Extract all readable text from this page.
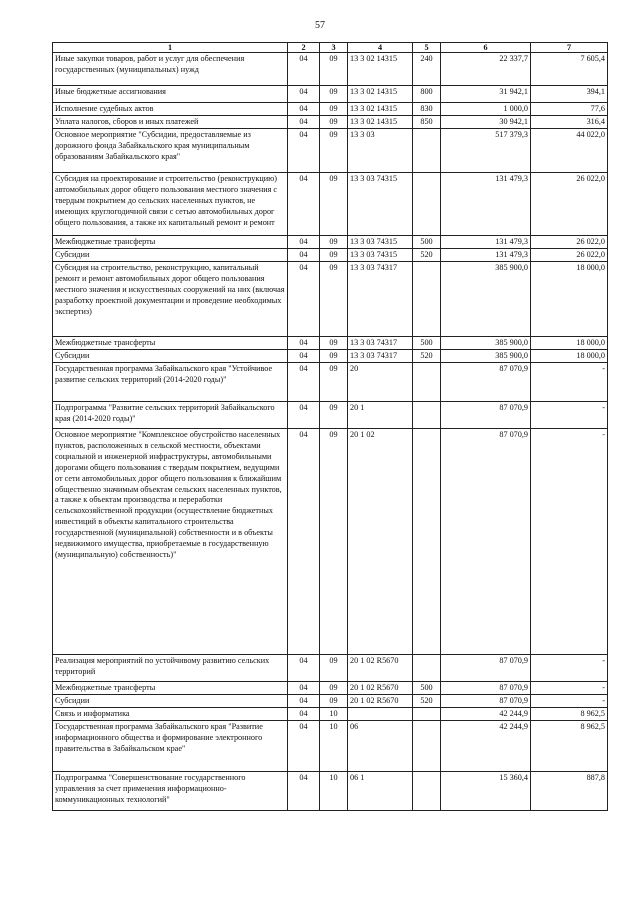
57
1	2	3	4	5	6	7
Иные закупки товаров, работ и услуг для обеспечения государственных (муниципальных) нужд	04	09	13 3 02 14315	240	22 337,7	7 605,4
Иные бюджетные ассигнования	04	09	13 3 02 14315	800	31 942,1	394,1
Исполнение судебных актов	04	09	13 3 02 14315	830	1 000,0	77,6
Уплата налогов, сборов и иных платежей	04	09	13 3 02 14315	850	30 942,1	316,4
Основное мероприятие "Субсидии, предоставляемые из дорожного фонда Забайкальского края муниципальным образованиям Забайкальского края"	04	09	13 3 03		517 379,3	44 022,0
Субсидия на проектирование и строительство (реконструкцию) автомобильных дорог общего пользования местного значения с твердым покрытием до сельских населенных пунктов, не имеющих круглогодичной связи с сетью автомобильных дорог общего пользования, а также их капитальный ремонт и ремонт	04	09	13 3 03 74315		131 479,3	26 022,0
Межбюджетные трансферты	04	09	13 3 03 74315	500	131 479,3	26 022,0
Субсидии	04	09	13 3 03 74315	520	131 479,3	26 022,0
Субсидия на строительство, реконструкцию, капитальный ремонт и ремонт автомобильных дорог общего пользования местного значения и искусственных сооружений на них (включая разработку проектной документации и проведение необходимых экспертиз)	04	09	13 3 03 74317		385 900,0	18 000,0
Межбюджетные трансферты	04	09	13 3 03 74317	500	385 900,0	18 000,0
Субсидии	04	09	13 3 03 74317	520	385 900,0	18 000,0
Государственная программа Забайкальского края "Устойчивое развитие сельских территорий (2014-2020 годы)"	04	09	20		87 070,9	-
Подпрограмма "Развитие сельских территорий Забайкальского края (2014-2020 годы)"	04	09	20 1		87 070,9	-
Основное мероприятие "Комплексное обустройство населенных пунктов, расположенных в сельской местности, объектами социальной и инженерной инфраструктуры, автомобильными дорогами общего пользования с твердым покрытием, ведущими от сети автомобильных дорог общего пользования к ближайшим общественно значимым объектам сельских населенных пунктов, а также к объектам производства и переработки сельскохозяйственной продукции (осуществление бюджетных инвестиций в объекты капитального строительства государственной (муниципальной) собственности и в объекты недвижимого имущества, приобретаемые в государственную (муниципальную) собственность)"	04	09	20 1 02		87 070,9	-
Реализация мероприятий по устойчивому развитию сельских территорий	04	09	20 1 02 R5670		87 070,9	-
Межбюджетные трансферты	04	09	20 1 02 R5670	500	87 070,9	-
Субсидии	04	09	20 1 02 R5670	520	87 070,9	-
Связь и информатика	04	10			42 244,9	8 962,5
Государственная программа Забайкальского края "Развитие информационного общества и формирование электронного правительства в Забайкальском крае"	04	10	06		42 244,9	8 962,5
Подпрограмма "Совершенствование государственного управления за счет применения информационно-коммуникационных технологий"	04	10	06 1		15 360,4	887,8
